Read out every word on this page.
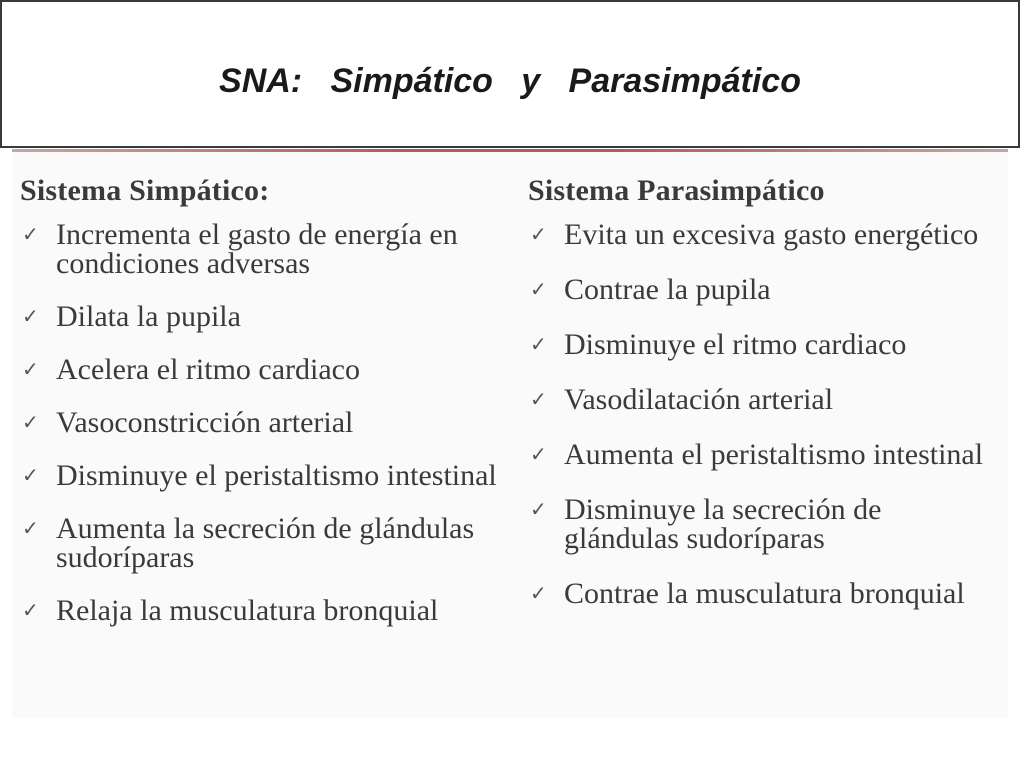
SNA:   Simpático   y   Parasimpático
Sistema Simpático:
✓ Incrementa el gasto de energía en condiciones adversas
✓ Dilata la pupila
✓ Acelera el ritmo cardiaco
✓ Vasoconstricción arterial
✓ Disminuye el peristaltismo intestinal
✓ Aumenta la secreción de glándulas sudoríparas
✓ Relaja la musculatura bronquial
Sistema Parasimpático
✓ Evita un excesiva gasto energético
✓ Contrae la pupila
✓ Disminuye el ritmo cardiaco
✓ Vasodilatación arterial
✓ Aumenta el peristaltismo intestinal
✓ Disminuye la secreción de glándulas sudoríparas
✓ Contrae la musculatura bronquial
